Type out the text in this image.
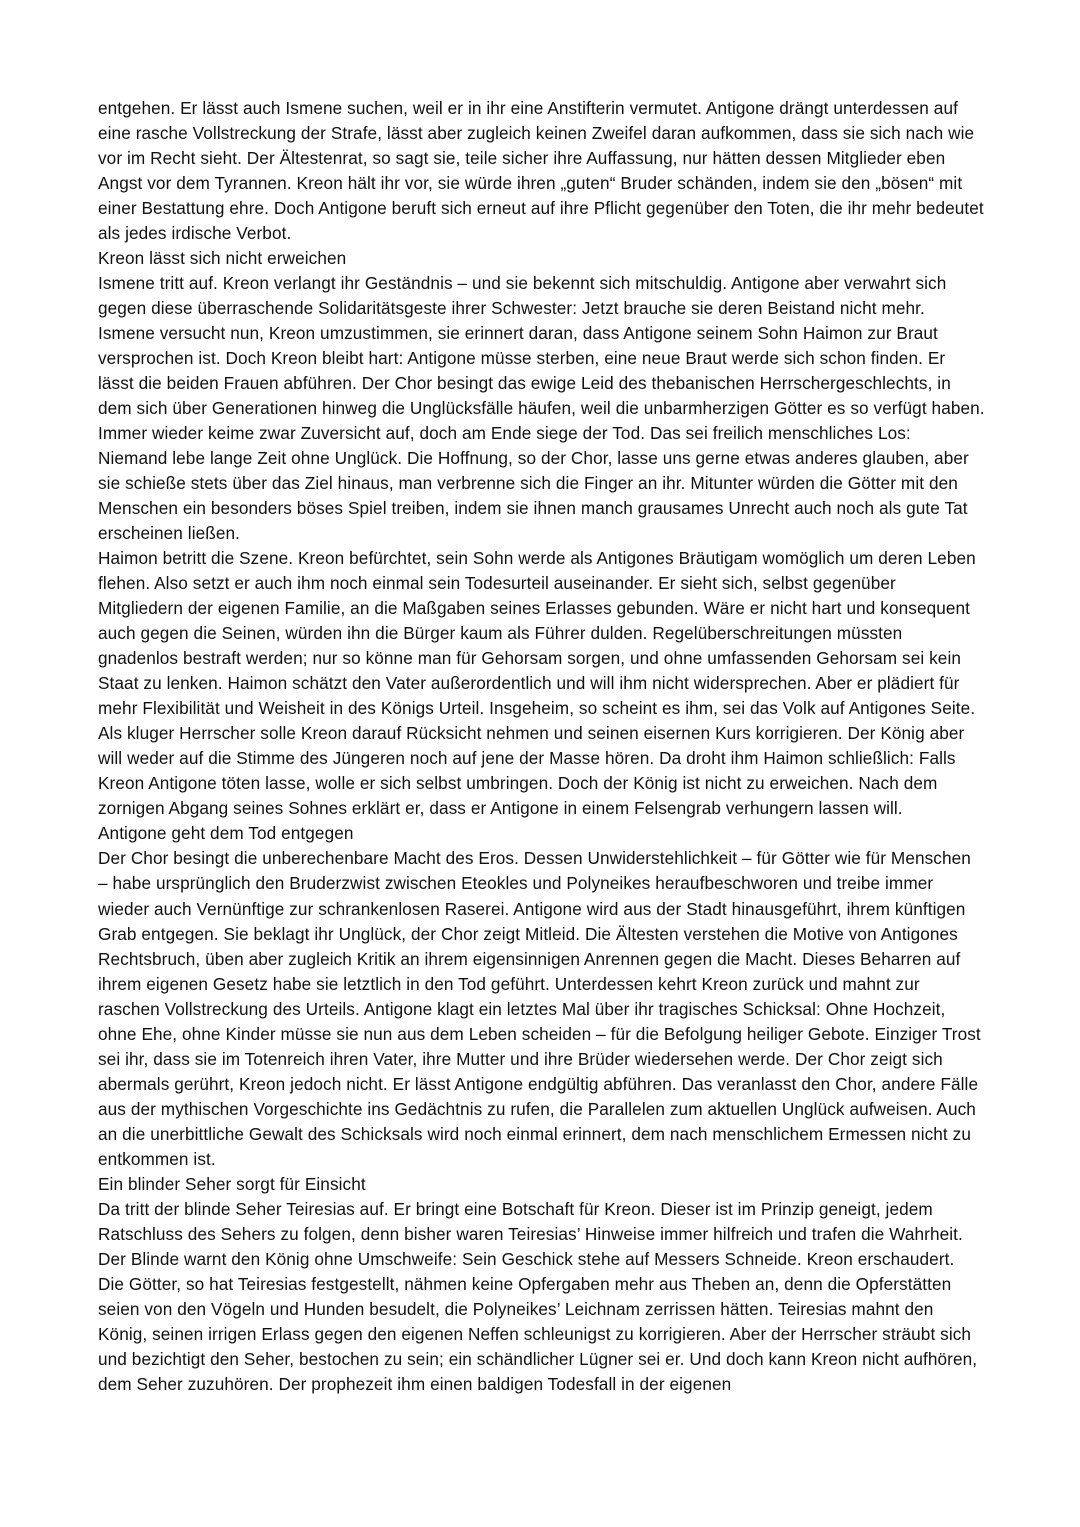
entgehen. Er lässt auch Ismene suchen, weil er in ihr eine Anstifterin vermutet. Antigone drängt unterdessen auf eine rasche Vollstreckung der Strafe, lässt aber zugleich keinen Zweifel daran aufkommen, dass sie sich nach wie vor im Recht sieht. Der Ältestenrat, so sagt sie, teile sicher ihre Auffassung, nur hätten dessen Mitglieder eben Angst vor dem Tyrannen. Kreon hält ihr vor, sie würde ihren „guten“ Bruder schänden, indem sie den „bösen“ mit einer Bestattung ehre. Doch Antigone beruft sich erneut auf ihre Pflicht gegenüber den Toten, die ihr mehr bedeutet als jedes irdische Verbot.

Kreon lässt sich nicht erweichen

Ismene tritt auf. Kreon verlangt ihr Geständnis – und sie bekennt sich mitschuldig. Antigone aber verwahrt sich gegen diese überraschende Solidaritätsgeste ihrer Schwester: Jetzt brauche sie deren Beistand nicht mehr. Ismene versucht nun, Kreon umzustimmen, sie erinnert daran, dass Antigone seinem Sohn Haimon zur Braut versprochen ist. Doch Kreon bleibt hart: Antigone müsse sterben, eine neue Braut werde sich schon finden. Er lässt die beiden Frauen abführen. Der Chor besingt das ewige Leid des thebanischen Herrschergeschlechts, in dem sich über Generationen hinweg die Unglücksfälle häufen, weil die unbarmherzigen Götter es so verfügt haben. Immer wieder keime zwar Zuversicht auf, doch am Ende siege der Tod. Das sei freilich menschliches Los: Niemand lebe lange Zeit ohne Unglück. Die Hoffnung, so der Chor, lasse uns gerne etwas anderes glauben, aber sie schieße stets über das Ziel hinaus, man verbrenne sich die Finger an ihr. Mitunter würden die Götter mit den Menschen ein besonders böses Spiel treiben, indem sie ihnen manch grausames Unrecht auch noch als gute Tat erscheinen ließen.

Haimon betritt die Szene. Kreon befürchtet, sein Sohn werde als Antigones Bräutigam womöglich um deren Leben flehen. Also setzt er auch ihm noch einmal sein Todesurteil auseinander. Er sieht sich, selbst gegenüber Mitgliedern der eigenen Familie, an die Maßgaben seines Erlasses gebunden. Wäre er nicht hart und konsequent auch gegen die Seinen, würden ihn die Bürger kaum als Führer dulden. Regelüberschreitungen müssten gnadenlos bestraft werden; nur so könne man für Gehorsam sorgen, und ohne umfassenden Gehorsam sei kein Staat zu lenken. Haimon schätzt den Vater außerordentlich und will ihm nicht widersprechen. Aber er plädiert für mehr Flexibilität und Weisheit in des Königs Urteil. Insgeheim, so scheint es ihm, sei das Volk auf Antigones Seite. Als kluger Herrscher solle Kreon darauf Rücksicht nehmen und seinen eisernen Kurs korrigieren. Der König aber will weder auf die Stimme des Jüngeren noch auf jene der Masse hören. Da droht ihm Haimon schließlich: Falls Kreon Antigone töten lasse, wolle er sich selbst umbringen. Doch der König ist nicht zu erweichen. Nach dem zornigen Abgang seines Sohnes erklärt er, dass er Antigone in einem Felsengrab verhungern lassen will.

Antigone geht dem Tod entgegen

Der Chor besingt die unberechenbare Macht des Eros. Dessen Unwiderstehlichkeit – für Götter wie für Menschen – habe ursprünglich den Bruderzwist zwischen Eteokles und Polyneikes heraufbeschworen und treibe immer wieder auch Vernünftige zur schrankenlosen Raserei. Antigone wird aus der Stadt hinausgeführt, ihrem künftigen Grab entgegen. Sie beklagt ihr Unglück, der Chor zeigt Mitleid. Die Ältesten verstehen die Motive von Antigones Rechtsbruch, üben aber zugleich Kritik an ihrem eigensinnigen Anrennen gegen die Macht. Dieses Beharren auf ihrem eigenen Gesetz habe sie letztlich in den Tod geführt. Unterdessen kehrt Kreon zurück und mahnt zur raschen Vollstreckung des Urteils. Antigone klagt ein letztes Mal über ihr tragisches Schicksal: Ohne Hochzeit, ohne Ehe, ohne Kinder müsse sie nun aus dem Leben scheiden – für die Befolgung heiliger Gebote. Einziger Trost sei ihr, dass sie im Totenreich ihren Vater, ihre Mutter und ihre Brüder wiedersehen werde. Der Chor zeigt sich abermals gerührt, Kreon jedoch nicht. Er lässt Antigone endgültig abführen. Das veranlasst den Chor, andere Fälle aus der mythischen Vorgeschichte ins Gedächtnis zu rufen, die Parallelen zum aktuellen Unglück aufweisen. Auch an die unerbittliche Gewalt des Schicksals wird noch einmal erinnert, dem nach menschlichem Ermessen nicht zu entkommen ist.

Ein blinder Seher sorgt für Einsicht

Da tritt der blinde Seher Teiresias auf. Er bringt eine Botschaft für Kreon. Dieser ist im Prinzip geneigt, jedem Ratschluss des Sehers zu folgen, denn bisher waren Teiresias’ Hinweise immer hilfreich und trafen die Wahrheit. Der Blinde warnt den König ohne Umschweife: Sein Geschick stehe auf Messers Schneide. Kreon erschaudert. Die Götter, so hat Teiresias festgestellt, nähmen keine Opfergaben mehr aus Theben an, denn die Opferstätten seien von den Vögeln und Hunden besudelt, die Polyneikes’ Leichnam zerrissen hätten. Teiresias mahnt den König, seinen irrigen Erlass gegen den eigenen Neffen schleunigst zu korrigieren. Aber der Herrscher sträubt sich und bezichtigt den Seher, bestochen zu sein; ein schändlicher Lügner sei er. Und doch kann Kreon nicht aufhören, dem Seher zuzuhören. Der prophezeit ihm einen baldigen Todesfall in der eigenen
